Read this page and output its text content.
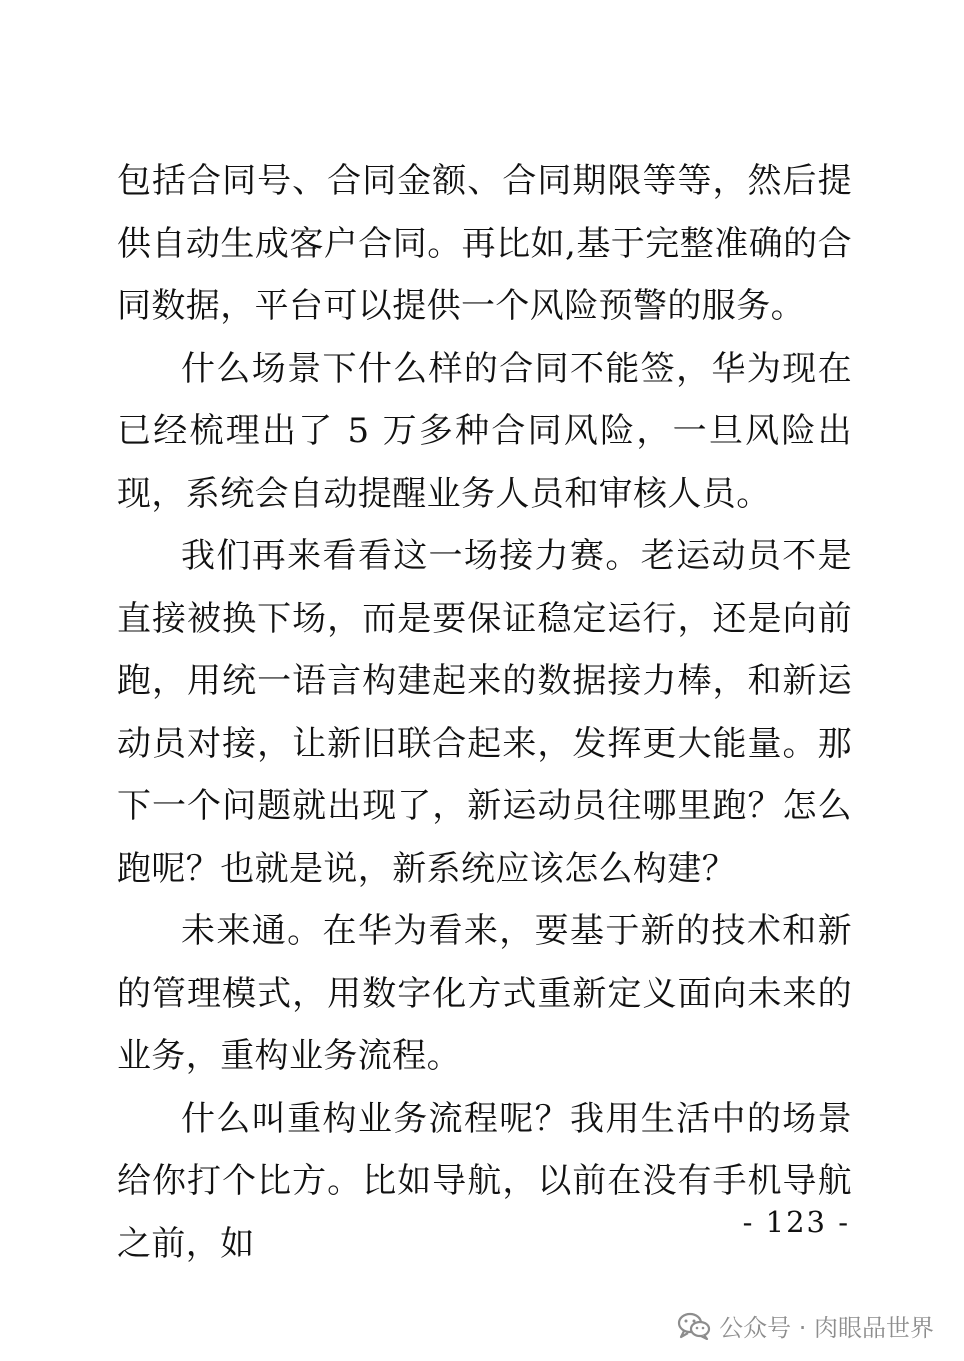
包括合同号、合同金额、合同期限等等，然后提供自动生成客户合同。再比如,基于完整准确的合同数据，平台可以提供一个风险预警的服务。

什么场景下什么样的合同不能签，华为现在已经梳理出了 5 万多种合同风险，一旦风险出现，系统会自动提醒业务人员和审核人员。

我们再来看看这一场接力赛。老运动员不是直接被换下场，而是要保证稳定运行，还是向前跑，用统一语言构建起来的数据接力棒，和新运动员对接，让新旧联合起来，发挥更大能量。那下一个问题就出现了，新运动员往哪里跑？怎么跑呢？也就是说，新系统应该怎么构建？

未来通。在华为看来，要基于新的技术和新的管理模式，用数字化方式重新定义面向未来的业务，重构业务流程。

什么叫重构业务流程呢？我用生活中的场景给你打个比方。比如导航，以前在没有手机导航之前，如

- 123 -
公众号 · 肉眼品世界
